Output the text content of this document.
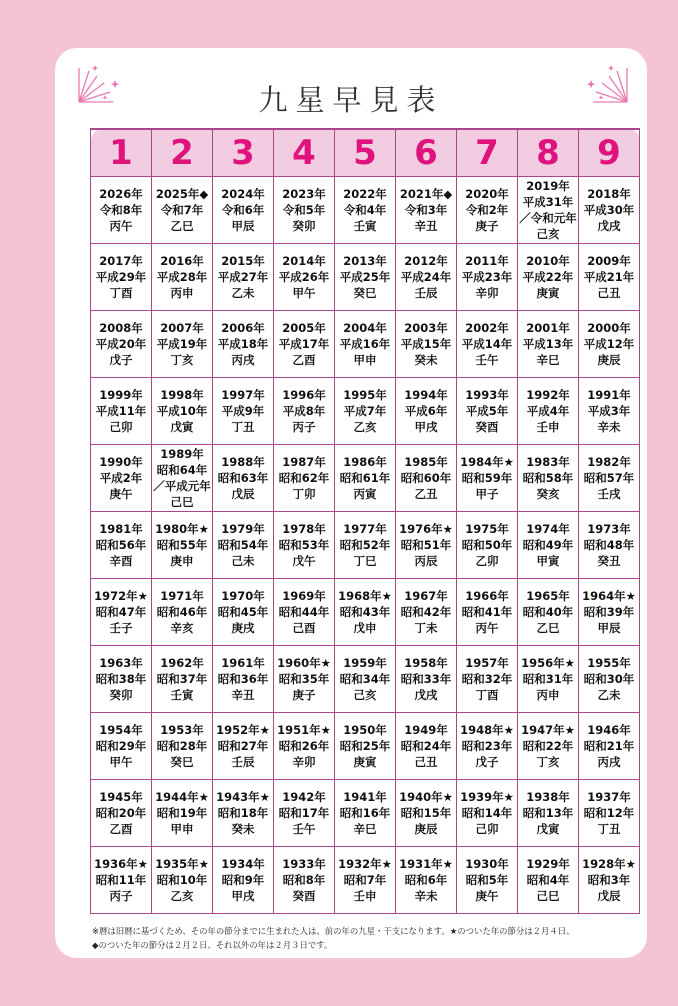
九星早見表
1	2	3	4	5	6	7	8	9

2026年
令和8年
丙午	2025年◆
令和7年
乙巳	2024年
令和6年
甲辰	2023年
令和5年
癸卯	2022年
令和4年
壬寅	2021年◆
令和3年
辛丑	2020年
令和2年
庚子	2019年
平成31年
／令和元年
己亥	2018年
平成30年
戊戌

2017年
平成29年
丁酉	2016年
平成28年
丙申	2015年
平成27年
乙未	2014年
平成26年
甲午	2013年
平成25年
癸巳	2012年
平成24年
壬辰	2011年
平成23年
辛卯	2010年
平成22年
庚寅	2009年
平成21年
己丑

2008年
平成20年
戊子	2007年
平成19年
丁亥	2006年
平成18年
丙戌	2005年
平成17年
乙酉	2004年
平成16年
甲申	2003年
平成15年
癸未	2002年
平成14年
壬午	2001年
平成13年
辛巳	2000年
平成12年
庚辰

1999年
平成11年
己卯	1998年
平成10年
戊寅	1997年
平成9年
丁丑	1996年
平成8年
丙子	1995年
平成7年
乙亥	1994年
平成6年
甲戌	1993年
平成5年
癸酉	1992年
平成4年
壬申	1991年
平成3年
辛未

1990年
平成2年
庚午	1989年
昭和64年
／平成元年
己巳	1988年
昭和63年
戊辰	1987年
昭和62年
丁卯	1986年
昭和61年
丙寅	1985年
昭和60年
乙丑	1984年★
昭和59年
甲子	1983年
昭和58年
癸亥	1982年
昭和57年
壬戌

1981年
昭和56年
辛酉	1980年★
昭和55年
庚申	1979年
昭和54年
己未	1978年
昭和53年
戊午	1977年
昭和52年
丁巳	1976年★
昭和51年
丙辰	1975年
昭和50年
乙卯	1974年
昭和49年
甲寅	1973年
昭和48年
癸丑

1972年★
昭和47年
壬子	1971年
昭和46年
辛亥	1970年
昭和45年
庚戌	1969年
昭和44年
己酉	1968年★
昭和43年
戊申	1967年
昭和42年
丁未	1966年
昭和41年
丙午	1965年
昭和40年
乙巳	1964年★
昭和39年
甲辰

1963年
昭和38年
癸卯	1962年
昭和37年
壬寅	1961年
昭和36年
辛丑	1960年★
昭和35年
庚子	1959年
昭和34年
己亥	1958年
昭和33年
戊戌	1957年
昭和32年
丁酉	1956年★
昭和31年
丙申	1955年
昭和30年
乙未

1954年
昭和29年
甲午	1953年
昭和28年
癸巳	1952年★
昭和27年
壬辰	1951年★
昭和26年
辛卯	1950年
昭和25年
庚寅	1949年
昭和24年
己丑	1948年★
昭和23年
戊子	1947年★
昭和22年
丁亥	1946年
昭和21年
丙戌

1945年
昭和20年
乙酉	1944年★
昭和19年
甲申	1943年★
昭和18年
癸未	1942年
昭和17年
壬午	1941年
昭和16年
辛巳	1940年★
昭和15年
庚辰	1939年★
昭和14年
己卯	1938年
昭和13年
戊寅	1937年
昭和12年
丁丑

1936年★
昭和11年
丙子	1935年★
昭和10年
乙亥	1934年
昭和9年
甲戌	1933年
昭和8年
癸酉	1932年★
昭和7年
壬申	1931年★
昭和6年
辛未	1930年
昭和5年
庚午	1929年
昭和4年
己巳	1928年★
昭和3年
戊辰
※暦は旧暦に基づくため、その年の節分までに生まれた人は、前の年の九星・干支になります。★のついた年の節分は２月４日、
◆のついた年の節分は２月２日、それ以外の年は２月３日です。
